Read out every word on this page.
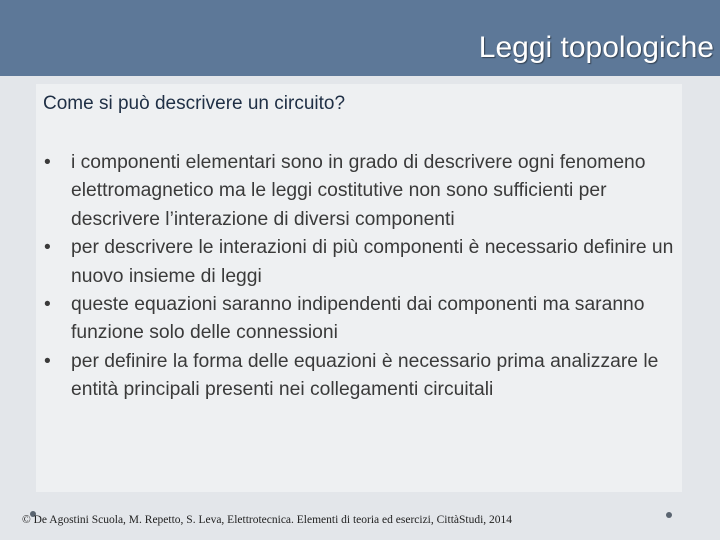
Leggi topologiche
Come si può descrivere un circuito?
• i componenti elementari sono in grado di descrivere ogni fenomeno elettromagnetico ma le leggi costitutive non sono sufficienti per descrivere l’interazione di diversi componenti
• per descrivere le interazioni di più componenti è necessario definire un nuovo insieme di leggi
• queste equazioni saranno indipendenti dai componenti ma saranno funzione solo delle connessioni
• per definire la forma delle equazioni è necessario prima analizzare le entità principali presenti nei collegamenti circuitali
© De Agostini Scuola, M. Repetto, S. Leva, Elettrotecnica. Elementi di teoria ed esercizi, CittàStudi, 2014
